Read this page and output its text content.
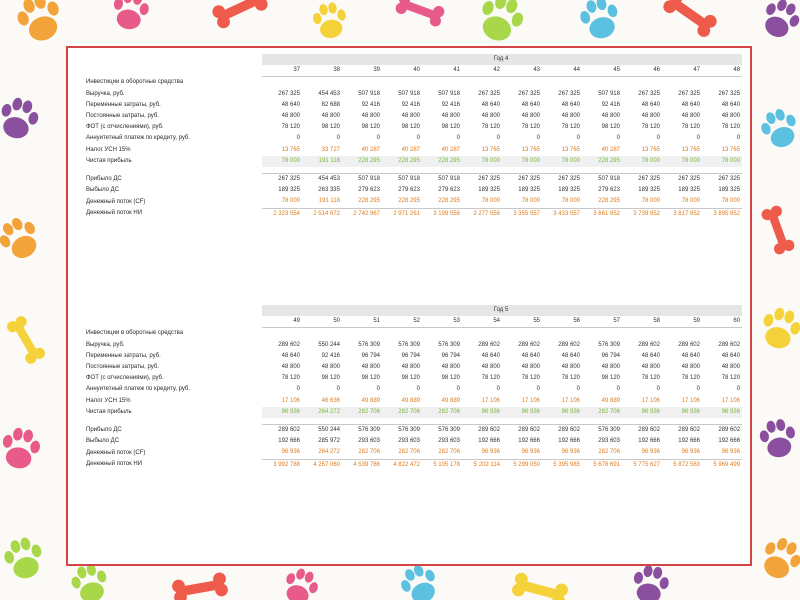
	Год 4											
	37	38	39	40	41	42	43	44	45	46	47	48
Инвестиции в оборотные средства												
Выручка, руб.	267 325	454 453	507 918	507 918	507 918	267 325	267 325	267 325	507 918	267 325	267 325	267 325
Переменные затраты, руб.	48 640	82 688	92 416	92 416	92 416	48 640	48 640	48 640	92 416	48 640	48 640	48 640
Постоянные затраты, руб.	48 800	48 800	48 800	48 800	48 800	48 800	48 800	48 800	48 800	48 800	48 800	48 800
ФОТ (с отчислениями), руб.	78 120	98 120	98 120	98 120	98 120	78 120	78 120	78 120	98 120	78 120	78 120	78 120
Аннуитетный платеж по кредиту, руб.	0	0	0	0	0	0	0	0	0	0	0	0
Налог УСН 15%	13 765	33 727	40 287	40 287	40 287	13 765	13 765	13 765	40 287	13 765	13 765	13 765
Чистая прибыль	78 000	191 118	228 295	228 295	228 295	78 000	78 000	78 000	228 295	78 000	78 000	78 000

Прибыло ДС	267 325	454 453	507 918	507 918	507 918	267 325	267 325	267 325	507 918	267 325	267 325	267 325
Выбыло ДС	189 325	263 335	279 623	279 623	279 623	189 325	189 325	189 325	279 623	189 325	189 325	189 325
Денежный поток (CF)	78 000	191 118	228 295	228 295	228 295	78 000	78 000	78 000	228 295	78 000	78 000	78 000
Денежный поток НИ	2 323 554	2 514 672	2 742 967	2 971 261	3 199 556	3 277 556	3 355 557	3 433 557	3 661 852	3 739 852	3 817 852	3 895 852
	Год 5											
	49	50	51	52	53	54	55	56	57	58	59	60
Инвестиции в оборотные средства												
Выручка, руб.	289 602	550 244	576 309	576 309	576 309	289 602	289 602	289 602	576 309	289 602	289 602	289 602
Переменные затраты, руб.	48 640	92 416	96 794	96 794	96 794	48 640	48 640	48 640	96 794	48 640	48 640	48 640
Постоянные затраты, руб.	48 800	48 800	48 800	48 800	48 800	48 800	48 800	48 800	48 800	48 800	48 800	48 800
ФОТ (с отчислениями), руб.	78 120	98 120	98 120	98 120	98 120	78 120	78 120	78 120	98 120	78 120	78 120	78 120
Аннуитетный платеж по кредиту, руб.	0	0	0	0	0	0	0	0	0	0	0	0
Налог УСН 15%	17 106	46 636	49 889	49 889	49 889	17 106	17 106	17 106	49 889	17 106	17 106	17 106
Чистая прибыль	96 936	264 272	282 706	282 706	282 706	96 936	96 936	96 936	282 706	96 936	96 936	96 936

Прибыло ДС	289 602	550 244	576 309	576 309	576 309	289 602	289 602	289 602	576 309	289 602	289 602	289 602
Выбыло ДС	192 666	285 972	293 603	293 603	293 603	192 666	192 666	192 666	293 603	192 666	192 666	192 666
Денежный поток (CF)	96 936	264 272	282 706	282 706	282 706	96 936	96 936	96 936	282 706	96 936	96 936	96 936
Денежный поток НИ	3 992 788	4 257 060	4 539 766	4 822 472	5 105 178	5 202 114	5 299 050	5 395 985	5 678 691	5 775 627	5 872 563	5 969 499
